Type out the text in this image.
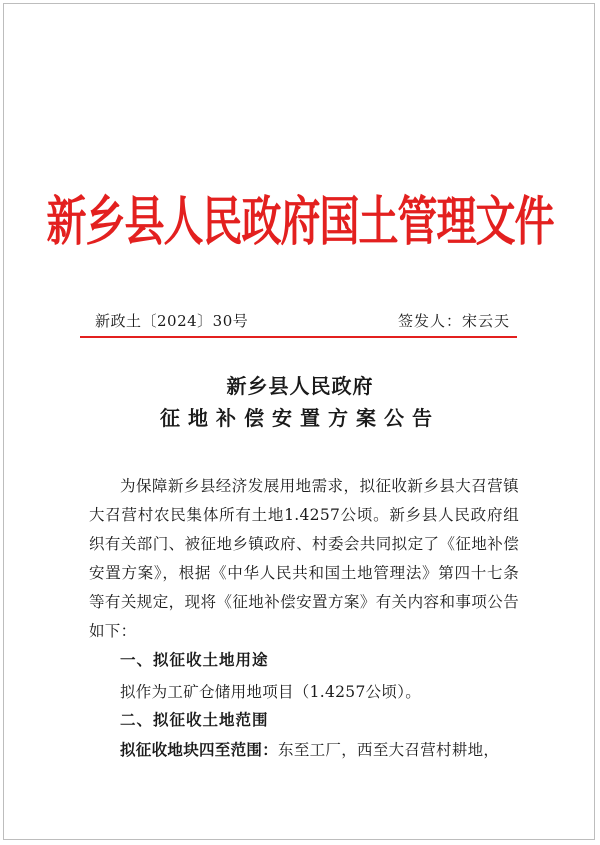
新乡县人民政府国土管理文件
新政土〔2024〕30号	签发人：宋云天
新乡县人民政府
征地补偿安置方案公告
为保障新乡县经济发展用地需求，拟征收新乡县大召营镇大召营村农民集体所有土地1.4257公顷。新乡县人民政府组织有关部门、被征地乡镇政府、村委会共同拟定了《征地补偿安置方案》，根据《中华人民共和国土地管理法》第四十七条等有关规定，现将《征地补偿安置方案》有关内容和事项公告如下：
一、拟征收土地用途
拟作为工矿仓储用地项目（1.4257公顷）。
二、拟征收土地范围
拟征收地块四至范围：东至工厂，西至大召营村耕地，
